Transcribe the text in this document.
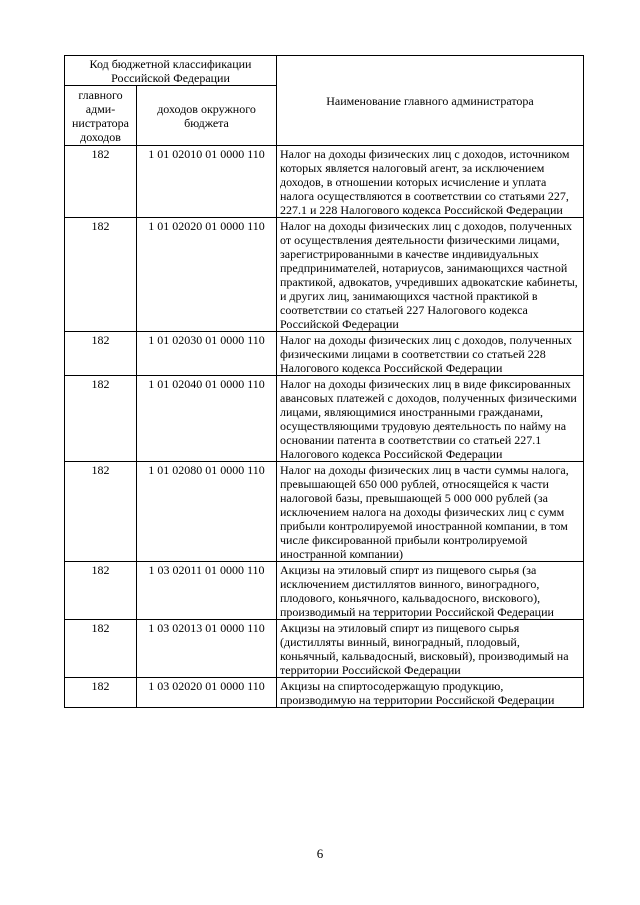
Код бюджетной классификации Российской Федерации		Наименование главного администратора
главного адми-нистратора доходов	доходов окружного бюджета	
182	1 01 02010 01 0000 110	Налог на доходы физических лиц с доходов, источником которых является налоговый агент, за исключением доходов, в отношении которых исчисление и уплата налога осуществляются в соответствии со статьями 227, 227.1 и 228 Налогового кодекса Российской Федерации
182	1 01 02020 01 0000 110	Налог на доходы физических лиц с доходов, полученных от осуществления деятельности физическими лицами, зарегистрированными в качестве индивидуальных предпринимателей, нотариусов, занимающихся частной практикой, адвокатов, учредивших адвокатские кабинеты, и других лиц, занимающихся частной практикой в соответствии со статьей 227 Налогового кодекса Российской Федерации
182	1 01 02030 01 0000 110	Налог на доходы физических лиц с доходов, полученных физическими лицами в соответствии со статьей 228 Налогового кодекса Российской Федерации
182	1 01 02040 01 0000 110	Налог на доходы физических лиц в виде фиксированных авансовых платежей с доходов, полученных физическими лицами, являющимися иностранными гражданами, осуществляющими трудовую деятельность по найму на основании патента в соответствии со статьей 227.1 Налогового кодекса Российской Федерации
182	1 01 02080 01 0000 110	Налог на доходы физических лиц в части суммы налога, превышающей 650 000 рублей, относящейся к части налоговой базы, превышающей 5 000 000 рублей (за исключением налога на доходы физических лиц с сумм прибыли контролируемой иностранной компании, в том числе фиксированной прибыли контролируемой иностранной компании)
182	1 03 02011 01 0000 110	Акцизы на этиловый спирт из пищевого сырья (за исключением дистиллятов винного, виноградного, плодового, коньячного, кальвадосного, вискового), производимый на территории Российской Федерации
182	1 03 02013 01 0000 110	Акцизы на этиловый спирт из пищевого сырья (дистилляты винный, виноградный, плодовый, коньячный, кальвадосный, висковый), производимый на территории Российской Федерации
182	1 03 02020 01 0000 110	Акцизы на спиртосодержащую продукцию, производимую на территории Российской Федерации
6
